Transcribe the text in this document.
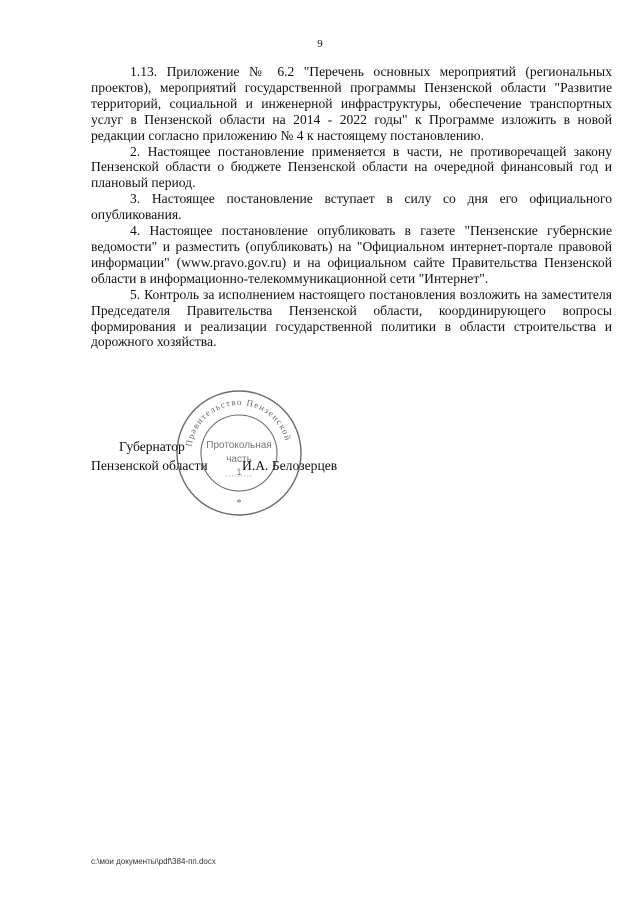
9

1.13. Приложение № 6.2 "Перечень основных мероприятий (региональных проектов), мероприятий государственной программы Пензенской области "Развитие территорий, социальной и инженерной инфраструктуры, обеспечение транспортных услуг в Пензенской области на 2014 - 2022 годы" к Программе изложить в новой редакции согласно приложению № 4 к настоящему постановлению.

2. Настоящее постановление применяется в части, не противоречащей закону Пензенской области о бюджете Пензенской области на очередной финансовый год и плановый период.

3. Настоящее постановление вступает в силу со дня его официального опубликования.

4. Настоящее постановление опубликовать в газете "Пензенские губернские ведомости" и разместить (опубликовать) на "Официальном интернет-портале правовой информации" (www.pravo.gov.ru) и на официальном сайте Правительства Пензенской области в информационно-телекоммуникационной сети "Интернет".

5. Контроль за исполнением настоящего постановления возложить на заместителя Председателя Правительства Пензенской области, координирующего вопросы формирования и реализации государственной политики в области строительства и дорожного хозяйства.

Правительство Пензенской
Протокольная
часть
1
*
Губернатор
Пензенской области	И.А. Белозерцев
c:\мои документы\pdf\384-пп.docx
